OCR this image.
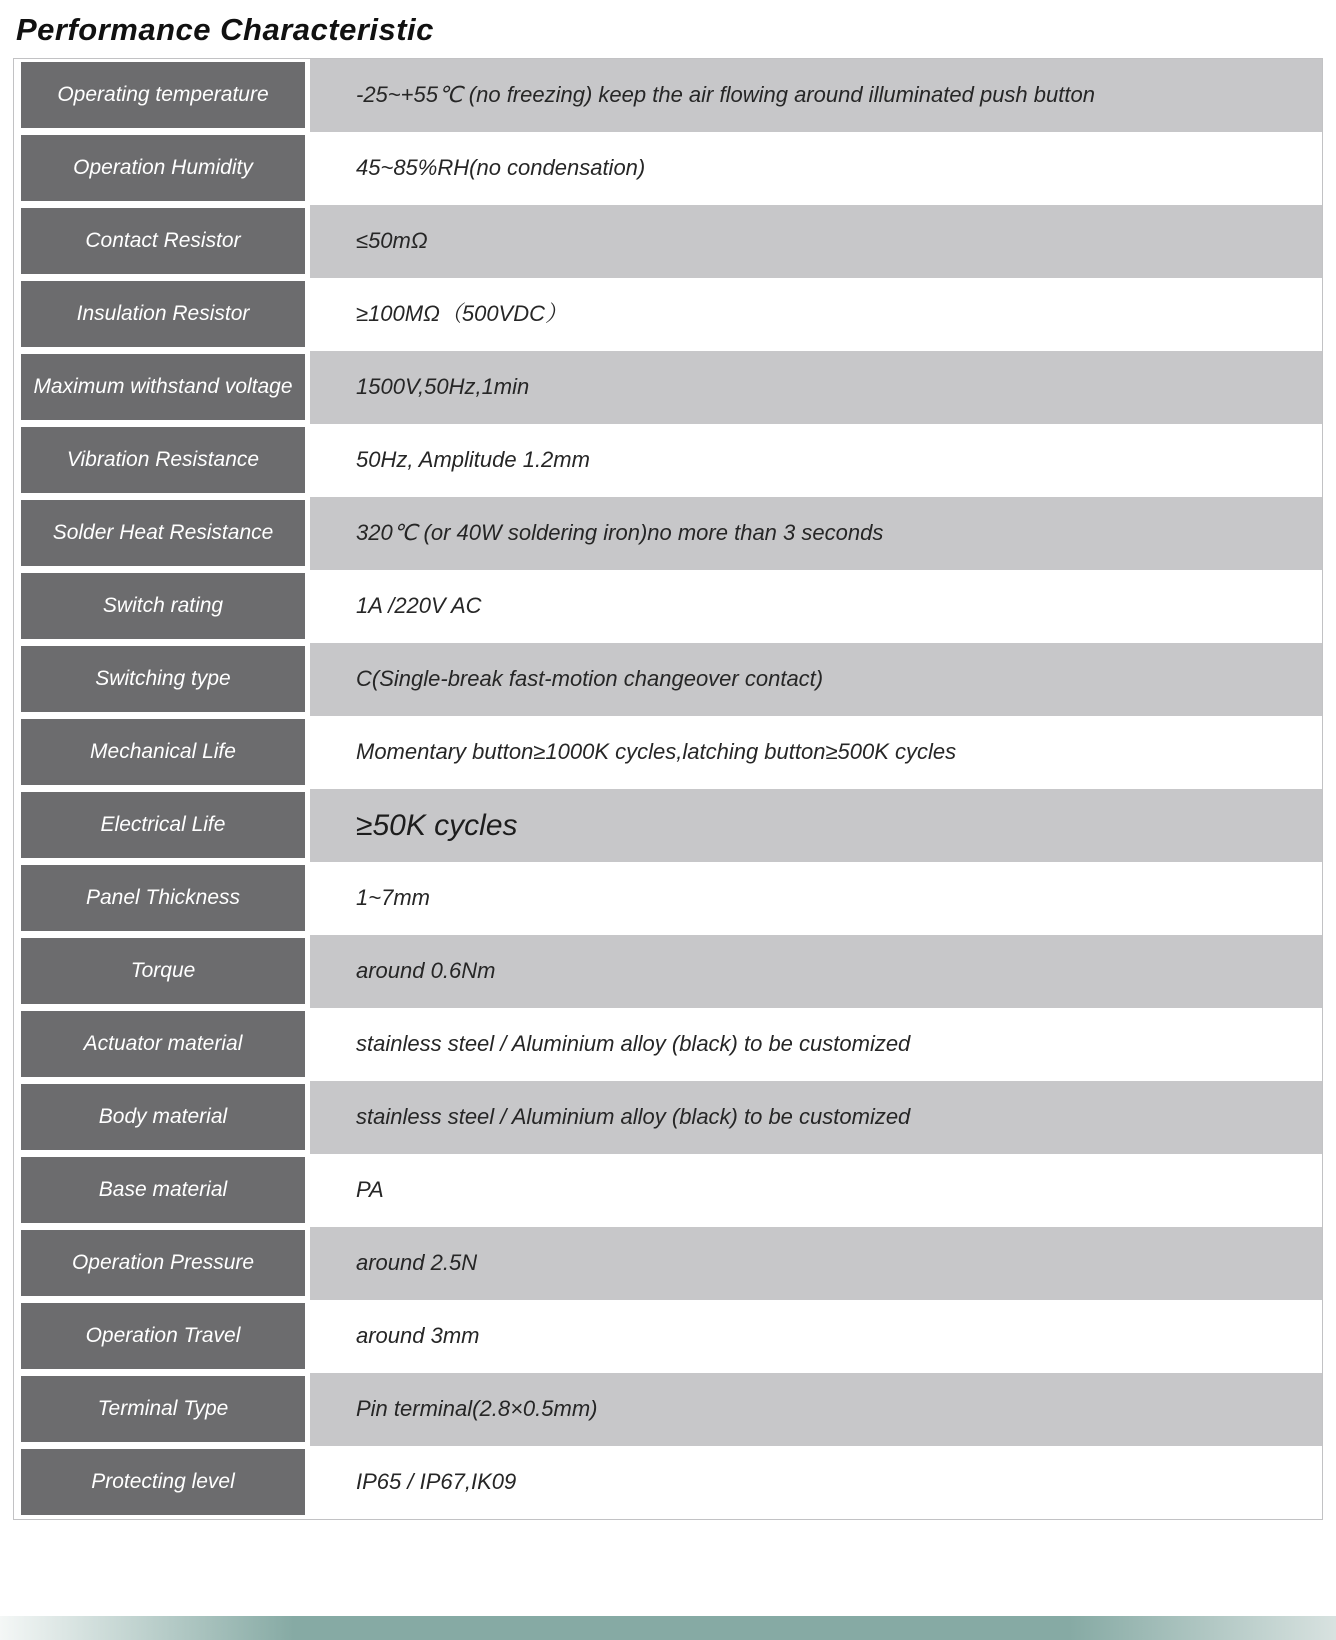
Performance Characteristic
Operating temperature	-25~+55℃ (no freezing) keep the air flowing around illuminated push button
Operation Humidity	45~85%RH(no condensation)
Contact Resistor	≤50mΩ
Insulation Resistor	≥100MΩ（500VDC）
Maximum withstand voltage	1500V,50Hz,1min
Vibration Resistance	50Hz, Amplitude 1.2mm
Solder Heat Resistance	320℃ (or 40W soldering iron)no more than 3 seconds
Switch rating	1A /220V AC
Switching type	C(Single-break fast-motion changeover contact)
Mechanical Life	Momentary button≥1000K cycles,latching button≥500K cycles
Electrical Life	≥50K cycles
Panel Thickness	1~7mm
Torque	around 0.6Nm
Actuator material	stainless steel / Aluminium alloy (black) to be customized
Body material	stainless steel / Aluminium alloy (black) to be customized
Base material	PA
Operation Pressure	around 2.5N
Operation Travel	around 3mm
Terminal Type	Pin terminal(2.8×0.5mm)
Protecting level	IP65 / IP67,IK09
